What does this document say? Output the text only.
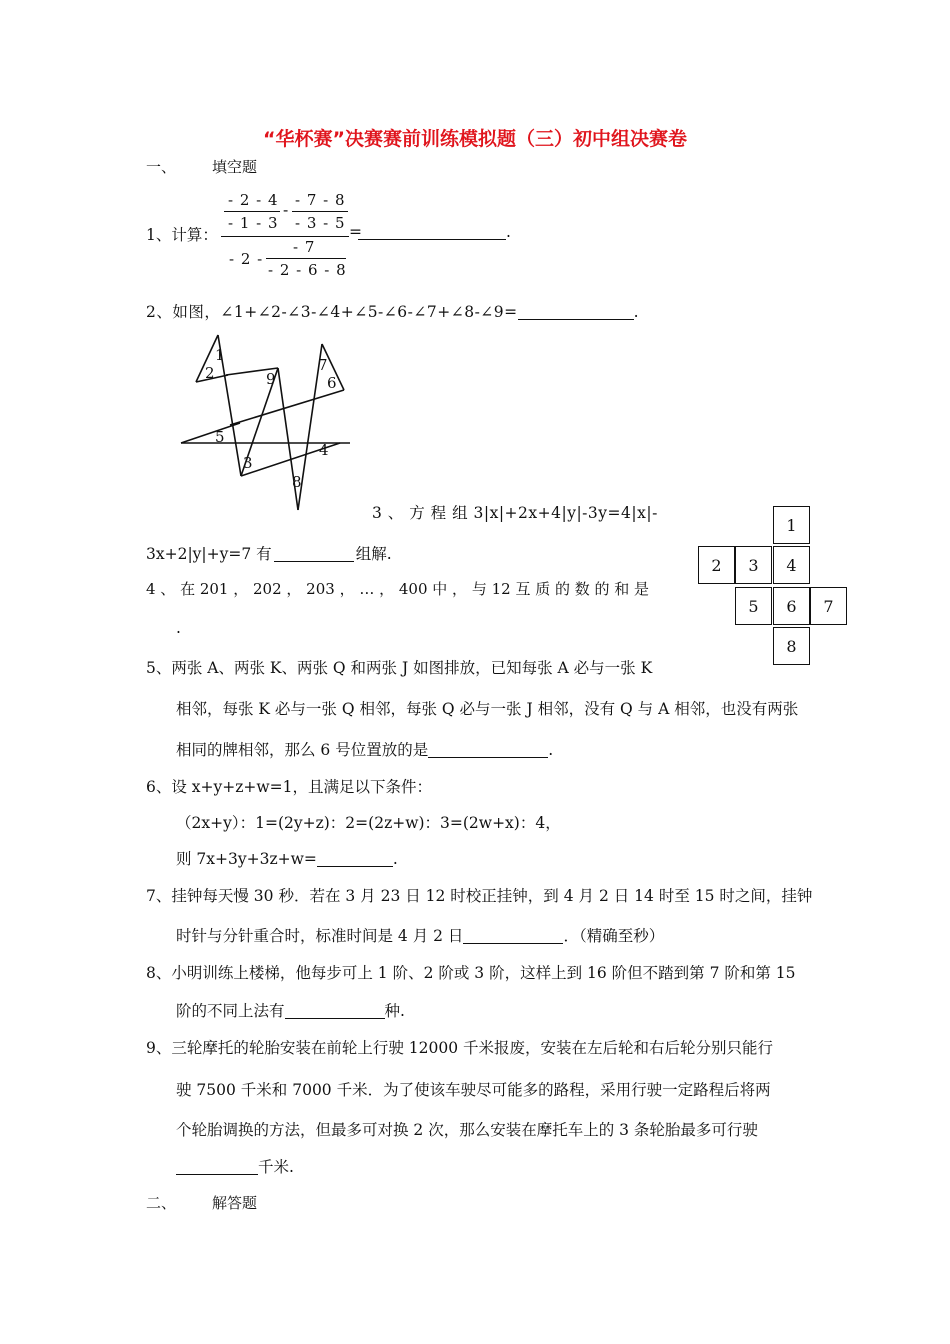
“华杯赛”决赛赛前训练模拟题（三）初中组决赛卷
一、 填空题
1、计算：
- 2 - 4
- 1 - 3
-
- 7 - 8
- 3 - 5
- 2 -
- 7
- 2 - 6 - 8
=	.
2、如图，∠1+∠2-∠3-∠4+∠5-∠6-∠7+∠8-∠9=	.
1
2	9
7
6
5
3
4
8
3 、 方 程 组 3|x|+2x+4|y|-3y=4|x|-
3x+2|y|+y=7 有	组解.
1
2	3	4
5	6	7
8
4 、 在 201 ， 202 ， 203 ， … ， 400 中 ， 与 12 互 质 的 数 的 和 是
.
5、两张 A、两张 K、两张 Q 和两张 J 如图排放，已知每张 A 必与一张 K
相邻，每张 K 必与一张 Q 相邻，每张 Q 必与一张 J 相邻，没有 Q 与 A 相邻，也没有两张
相同的牌相邻，那么 6 号位置放的是	.
6、设 x+y+z+w=1，且满足以下条件：
（2x+y）：1=(2y+z)：2=(2z+w)：3=(2w+x)：4，
则 7x+3y+3z+w=	.
7、挂钟每天慢 30 秒．若在 3 月 23 日 12 时校正挂钟，到 4 月 2 日 14 时至 15 时之间，挂钟
时针与分针重合时，标准时间是 4 月 2 日	．（精确至秒）
8、小明训练上楼梯，他每步可上 1 阶、2 阶或 3 阶，这样上到 16 阶但不踏到第 7 阶和第 15
阶的不同上法有	种.
9、三轮摩托的轮胎安装在前轮上行驶 12000 千米报废，安装在左后轮和右后轮分别只能行
驶 7500 千米和 7000 千米．为了使该车驶尽可能多的路程，采用行驶一定路程后将两
个轮胎调换的方法，但最多可对换 2 次，那么安装在摩托车上的 3 条轮胎最多可行驶
千米.
二、 解答题
